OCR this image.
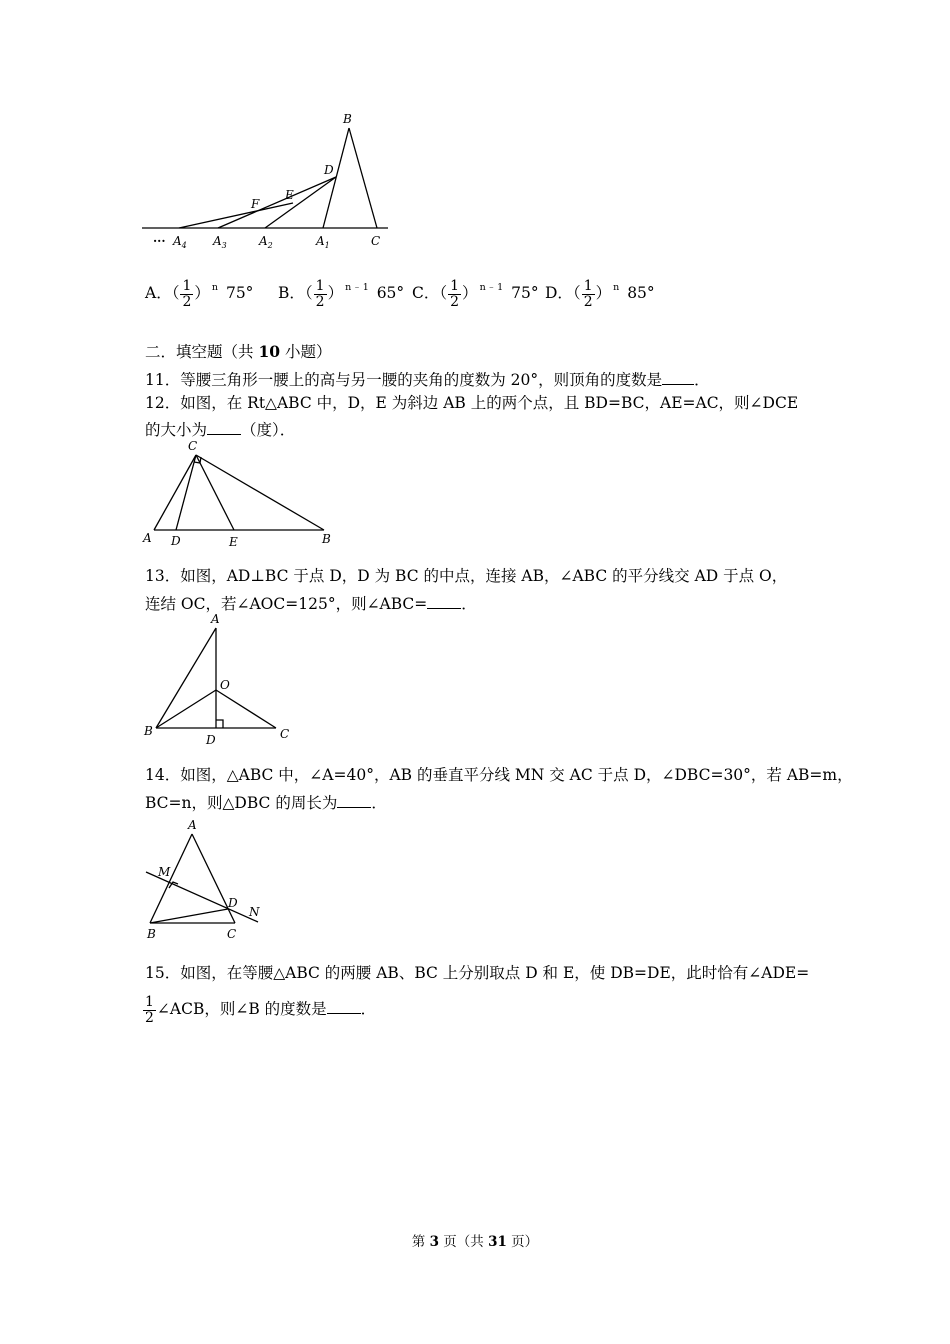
B
D
E
F
··· $A_4$ $A_3$	$A_2$	$A_1$	C
A．（ $\frac{1}{2}$ ） $^n$ 75° B．（ $\frac{1}{2}$ ） $^{n﹣1}$ 65° C．（ $\frac{1}{2}$ ） $^{n﹣1}$ 75° D．（ $\frac{1}{2}$ ） $^n$ 85°
二．填空题（共 10 小题）
11．等腰三角形一腰上的高与另一腰的夹角的度数为 20°，则顶角的度数是 ．
12．如图，在 Rt△ABC 中，D，E 为斜边 AB 上的两个点，且 BD=BC，AE=AC，则∠DCE
的大小为 （度）．
C
A D	E	B
13．如图，AD⊥BC 于点 D，D 为 BC 的中点，连接 AB，∠ABC 的平分线交 AD 于点 O，
连结 OC，若∠AOC=125°，则∠ABC= ．
A
O
B
D	C
14．如图，△ABC 中，∠A=40°，AB 的垂直平分线 MN 交 AC 于点 D，∠DBC=30°，若 AB=m，
BC=n，则△DBC 的周长为 ．
A
M
D
N
B	C
15．如图，在等腰△ABC 的两腰 AB、BC 上分别取点 D 和 E，使 DB=DE，此时恰有∠ADE=
$\frac{1}{2}$ ∠ACB，则∠B 的度数是 ．
第 3 页（共 31 页）
